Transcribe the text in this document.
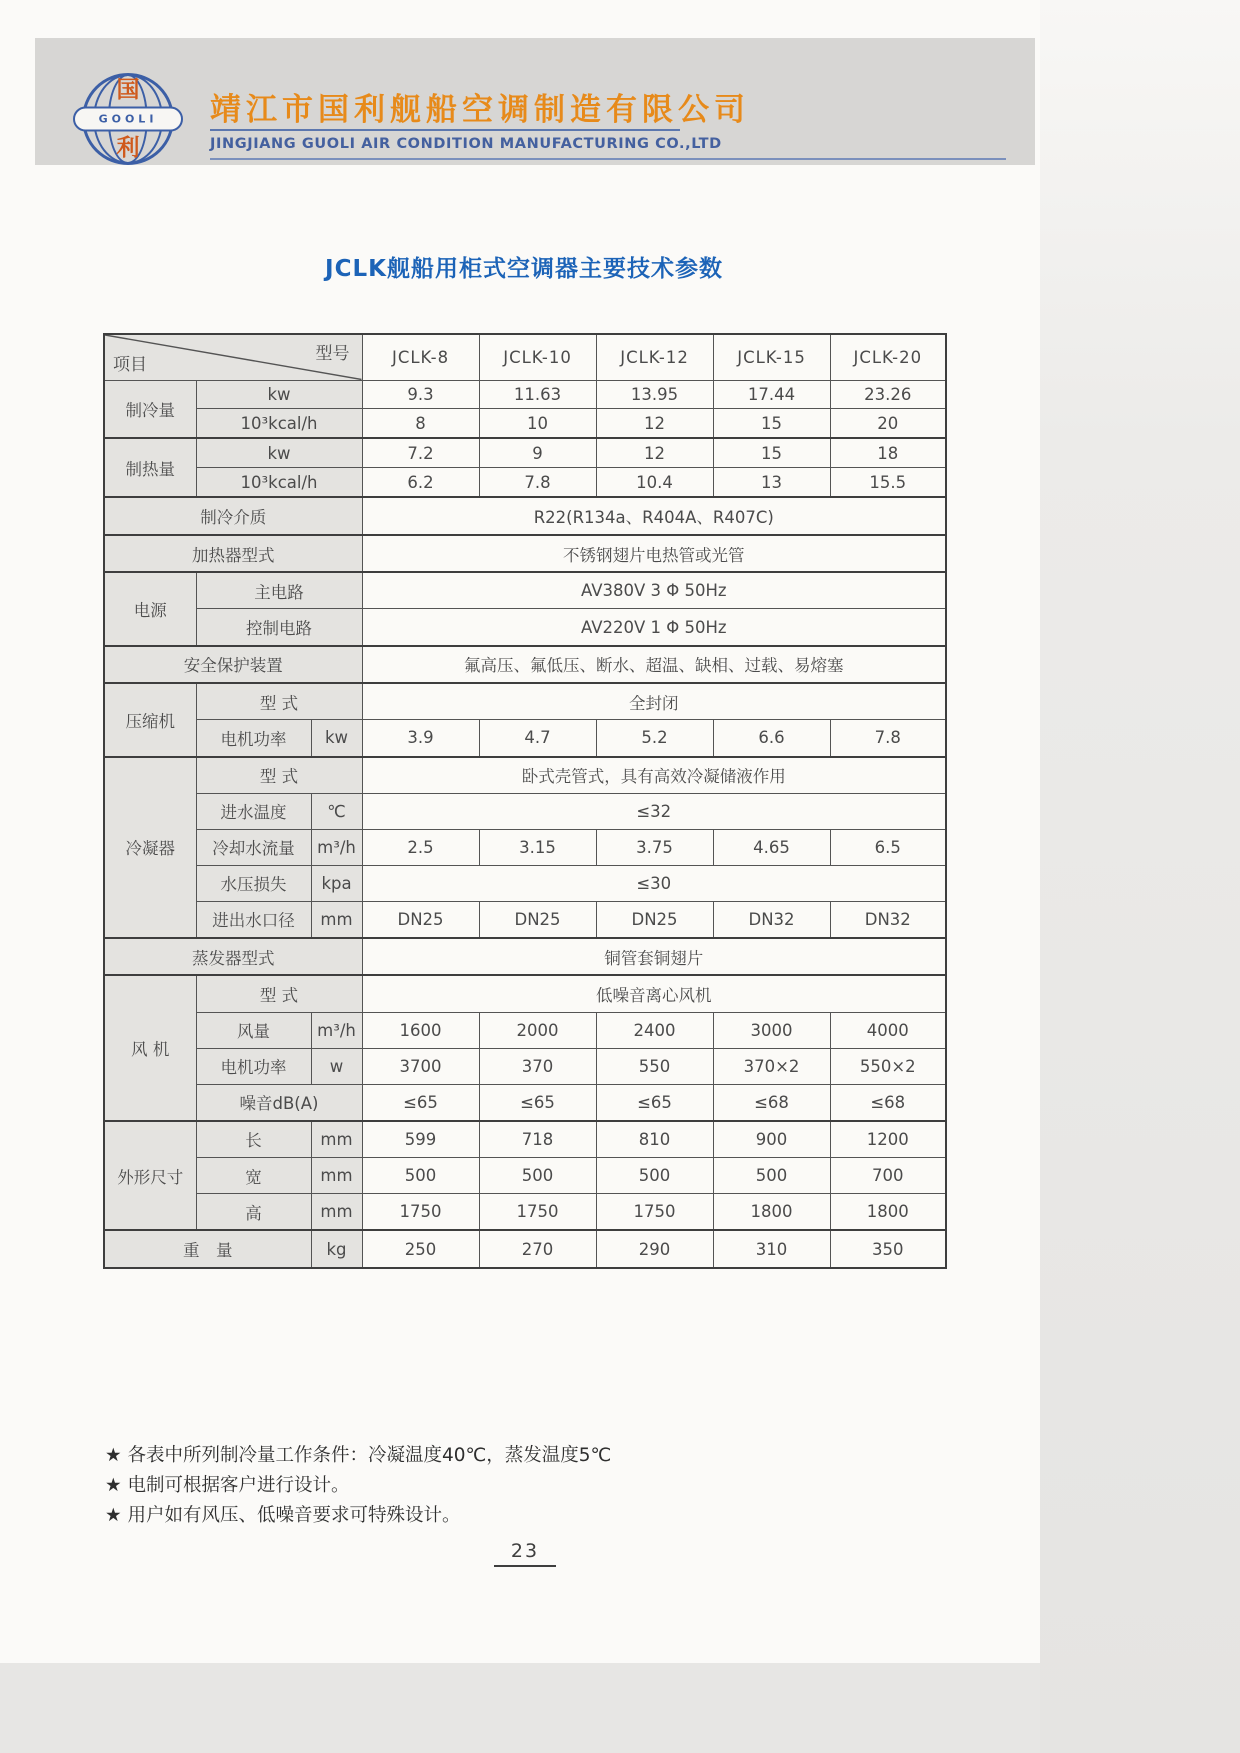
国
GOOLI
利
靖江市国利舰船空调制造有限公司
JINGJIANG GUOLI AIR CONDITION MANUFACTURING CO.,LTD
JCLK舰船用柜式空调器主要技术参数
型号
项目			JCLK-8	JCLK-10	JCLK-12	JCLK-15	JCLK-20
制冷量	kw		9.3	11.63	13.95	17.44	23.26
	10³kcal/h		8	10	12	15	20
制热量	kw		7.2	9	12	15	18
	10³kcal/h		6.2	7.8	10.4	13	15.5
制冷介质			R22(R134a、R404A、R407C)				
加热器型式			不锈钢翅片电热管或光管				
电源	主电路		AV380V 3 Φ 50Hz				
	控制电路		AV220V 1 Φ 50Hz				
安全保护装置			氟高压、氟低压、断水、超温、缺相、过载、易熔塞				
压缩机	型 式		全封闭				
	电机功率	kw	3.9	4.7	5.2	6.6	7.8
冷凝器	型 式		卧式壳管式，具有高效冷凝储液作用				
	进水温度	℃	≤32				
	冷却水流量	m³/h	2.5	3.15	3.75	4.65	6.5
	水压损失	kpa	≤30				
	进出水口径	mm	DN25	DN25	DN25	DN32	DN32
蒸发器型式			铜管套铜翅片				
风 机	型 式		低噪音离心风机				
	风量	m³/h	1600	2000	2400	3000	4000
	电机功率	w	3700	370	550	370×2	550×2
	噪音dB(A)		≤65	≤65	≤65	≤68	≤68
外形尺寸	长	mm	599	718	810	900	1200
	宽	mm	500	500	500	500	700
	高	mm	1750	1750	1750	1800	1800
重　量		kg	250	270	290	310	350
★ 各表中所列制冷量工作条件：冷凝温度40℃，蒸发温度5℃
★ 电制可根据客户进行设计。
★ 用户如有风压、低噪音要求可特殊设计。
23
